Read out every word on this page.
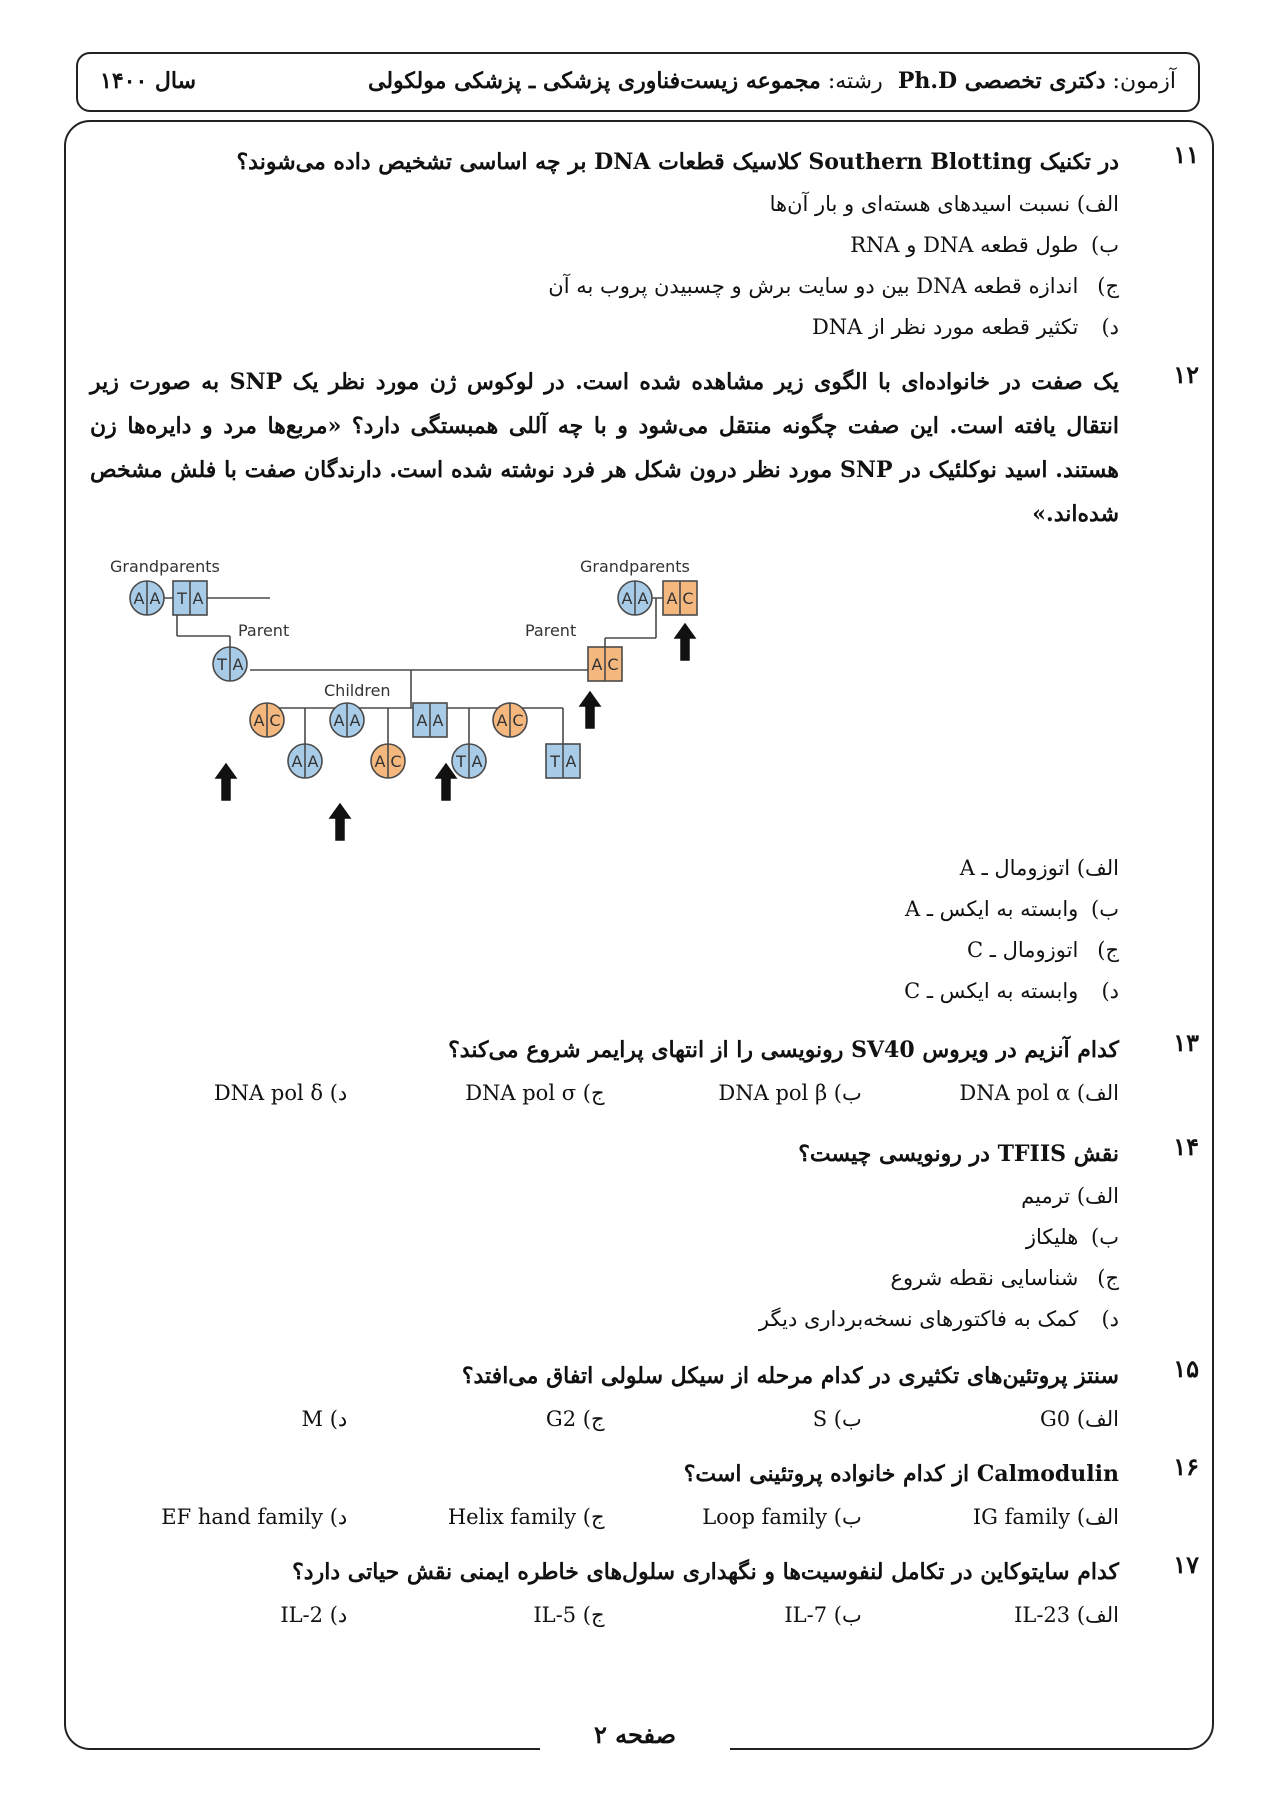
آزمون: دکتری تخصصی Ph.D
رشته: مجموعه زیست‌فناوری پزشکی ـ پزشکی مولکولی
سال ۱۴۰۰
صفحه ۲
۱۱
در تکنیک Southern Blotting کلاسیک قطعات DNA بر چه اساسی تشخیص داده می‌شوند؟
الف) نسبت اسیدهای هسته‌ای و بار آن‌ها
ب) طول قطعه DNA و RNA
ج) اندازه قطعه DNA بین دو سایت برش و چسبیدن پروب به آن
د) تکثیر قطعه مورد نظر از DNA
۱۲
یک صفت در خانواده‌ای با الگوی زیر مشاهده شده است. در لوکوس ژن مورد نظر یک SNP به صورت زیر انتقال یافته است. این صفت چگونه منتقل می‌شود و با چه آللی همبستگی دارد؟ «مربع‌ها مرد و دایره‌ها زن هستند. اسید نوکلئیک در SNP مورد نظر درون شکل هر فرد نوشته شده است. دارندگان صفت با فلش مشخص شده‌اند.»
Grandparents	Grandparents
Parent	Parent
Children
A A T A	A A A C
T A	A C
A C
A A
A A
A C
A A
T A
A C
T A
الف) اتوزومال ـ A
ب) وابسته به ایکس ـ A
ج) اتوزومال ـ C
د) وابسته به ایکس ـ C
۱۳
کدام آنزیم در ویروس SV40 رونویسی را از انتهای پرایمر شروع می‌کند؟
الف) DNA pol α
ب) DNA pol β
ج) DNA pol σ
د) DNA pol δ
۱۴
نقش TFIIS در رونویسی چیست؟
الف) ترمیم
ب) هلیکاز
ج) شناسایی نقطه شروع
د) کمک به فاکتورهای نسخه‌برداری دیگر
۱۵
سنتز پروتئین‌های تکثیری در کدام مرحله از سیکل سلولی اتفاق می‌افتد؟
الف) G0
ب) S
ج) G2
د) M
۱۶
Calmodulin از کدام خانواده پروتئینی است؟
الف) IG family
ب) Loop family
ج) Helix family
د) EF hand family
۱۷
کدام سایتوکاین در تکامل لنفوسیت‌ها و نگهداری سلول‌های خاطره ایمنی نقش حیاتی دارد؟
الف) IL-23
ب) IL-7
ج) IL-5
د) IL-2
